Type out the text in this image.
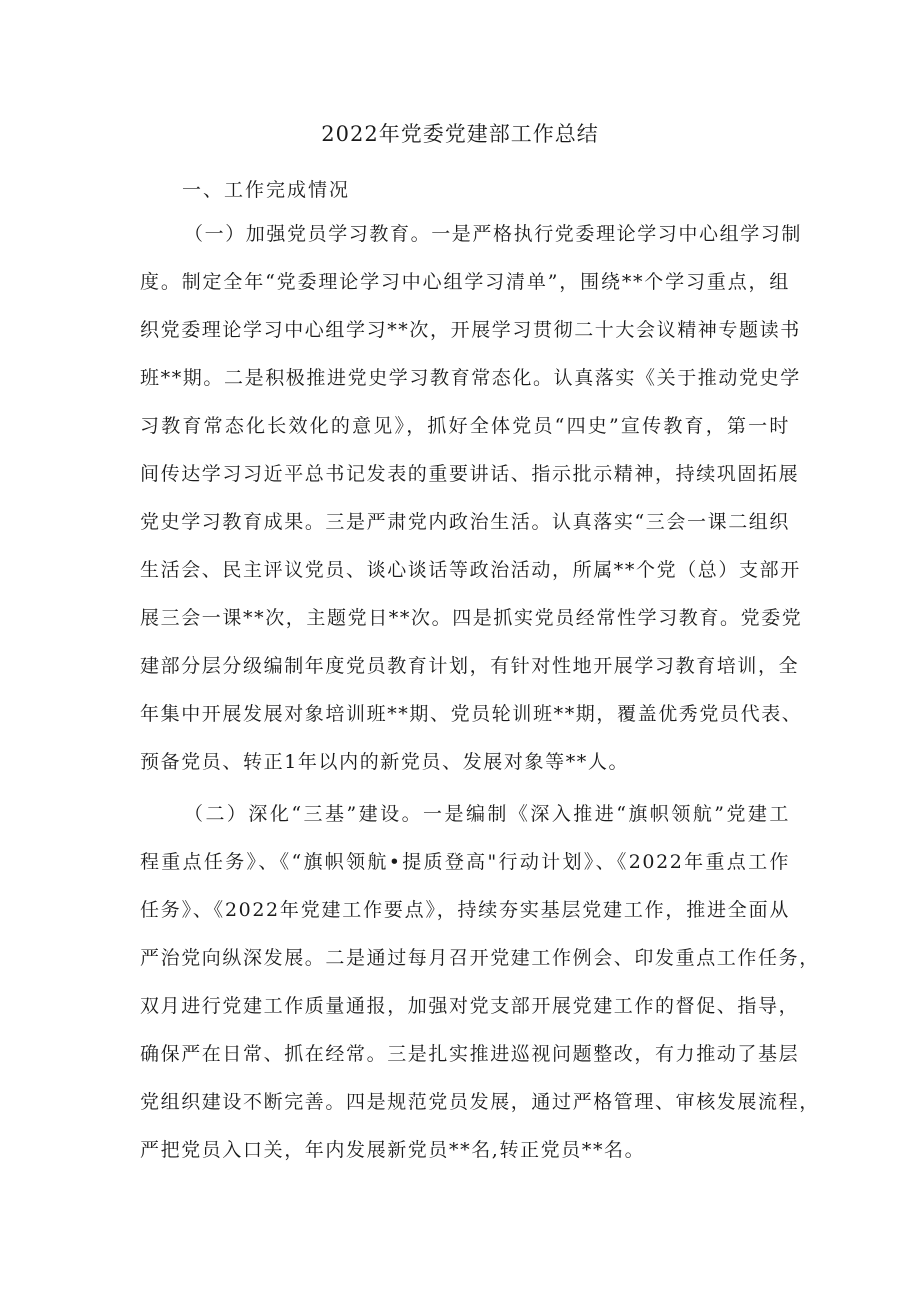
2022年党委党建部工作总结

一、工作完成情况

（一）加强党员学习教育。一是严格执行党委理论学习中心组学习制

度。制定全年“党委理论学习中心组学习清单”，围绕**个学习重点，组

织党委理论学习中心组学习**次，开展学习贯彻二十大会议精神专题读书

班**期。二是积极推进党史学习教育常态化。认真落实《关于推动党史学

习教育常态化长效化的意见》，抓好全体党员“四史”宣传教育，第一时

间传达学习习近平总书记发表的重要讲话、指示批示精神，持续巩固拓展

党史学习教育成果。三是严肃党内政治生活。认真落实“三会一课二组织

生活会、民主评议党员、谈心谈话等政治活动，所属**个党（总）支部开

展三会一课**次，主题党日**次。四是抓实党员经常性学习教育。党委党

建部分层分级编制年度党员教育计划，有针对性地开展学习教育培训，全

年集中开展发展对象培训班**期、党员轮训班**期，覆盖优秀党员代表、

预备党员、转正1年以内的新党员、发展对象等**人。

（二）深化“三基”建设。一是编制《深入推进“旗帜领航”党建工

程重点任务》、《“旗帜领航•提质登高"行动计划》、《2022年重点工作

任务》、《2022年党建工作要点》，持续夯实基层党建工作，推进全面从

严治党向纵深发展。二是通过每月召开党建工作例会、印发重点工作任务，

双月进行党建工作质量通报，加强对党支部开展党建工作的督促、指导，

确保严在日常、抓在经常。三是扎实推进巡视问题整改，有力推动了基层

党组织建设不断完善。四是规范党员发展，通过严格管理、审核发展流程，

严把党员入口关，年内发展新党员**名,转正党员**名。
